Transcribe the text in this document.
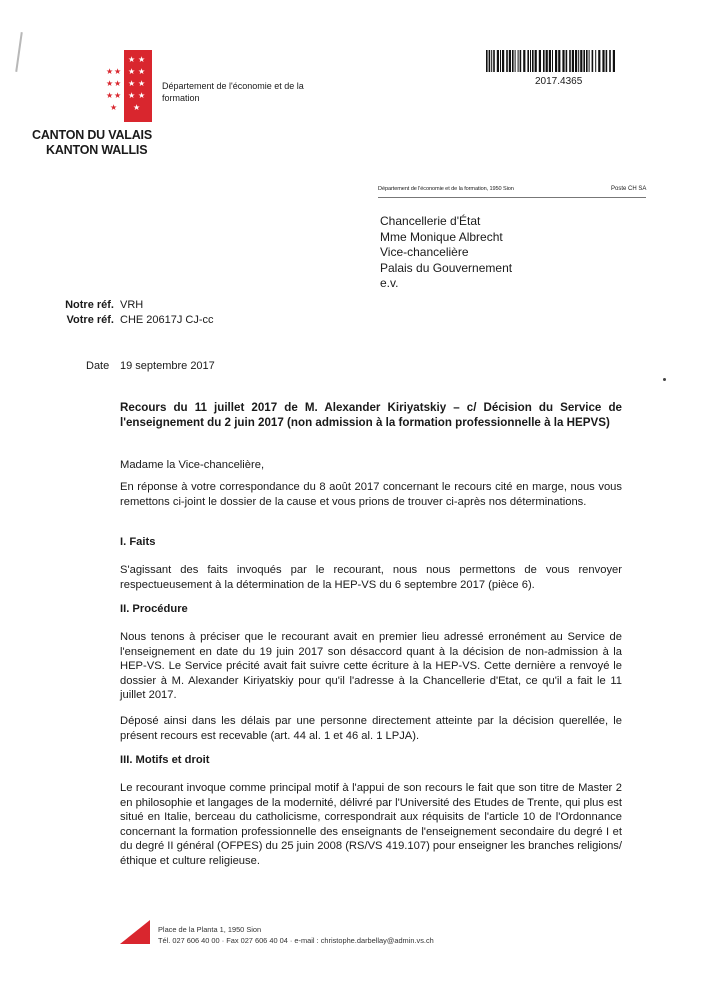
★ ★
★ ★
★ ★
★ ★
★
★ ★
★ ★
★ ★
★
Département de l'économie et de la formation
CANTON DU VALAIS
KANTON WALLIS
2017.4365
Département de l'économie et de la formation, 1950 Sion	Poste CH SA
Chancellerie d'État
Mme Monique Albrecht
Vice-chancelière
Palais du Gouvernement
e.v.
Notre réf. VRH
Votre réf. CHE 20617J CJ-cc
Date 19 septembre 2017
Recours du 11 juillet 2017 de M. Alexander Kiriyatskiy – c/ Décision du Service de l'enseignement du 2 juin 2017 (non admission à la formation professionnelle à la HEPVS)
Madame la Vice-chancelière,
En réponse à votre correspondance du 8 août 2017 concernant le recours cité en marge, nous vous remettons ci-joint le dossier de la cause et vous prions de trouver ci-après nos déterminations.
I. Faits
S'agissant des faits invoqués par le recourant, nous nous permettons de vous renvoyer respectueusement à la détermination de la HEP-VS du 6 septembre 2017 (pièce 6).
II. Procédure
Nous tenons à préciser que le recourant avait en premier lieu adressé erronément au Service de l'enseignement en date du 19 juin 2017 son désaccord quant à la décision de non-admission à la HEP-VS. Le Service précité avait fait suivre cette écriture à la HEP-VS. Cette dernière a renvoyé le dossier à M. Alexander Kiriyatskiy pour qu'il l'adresse à la Chancellerie d'Etat, ce qu'il a fait le 11 juillet 2017.
Déposé ainsi dans les délais par une personne directement atteinte par la décision querellée, le présent recours est recevable (art. 44 al. 1 et 46 al. 1 LPJA).
III. Motifs et droit
Le recourant invoque comme principal motif à l'appui de son recours le fait que son titre de Master 2 en philosophie et langages de la modernité, délivré par l'Université des Etudes de Trente, qui plus est situé en Italie, berceau du catholicisme, correspondrait aux réquisits de l'article 10 de l'Ordonnance concernant la formation professionnelle des enseignants de l'enseignement secondaire du degré I et du degré II général (OFPES) du 25 juin 2008 (RS/VS 419.107) pour enseigner les branches religions/éthique et culture religieuse.
Place de la Planta 1, 1950 Sion
Tél. 027 606 40 00 · Fax 027 606 40 04 · e-mail : christophe.darbellay@admin.vs.ch
